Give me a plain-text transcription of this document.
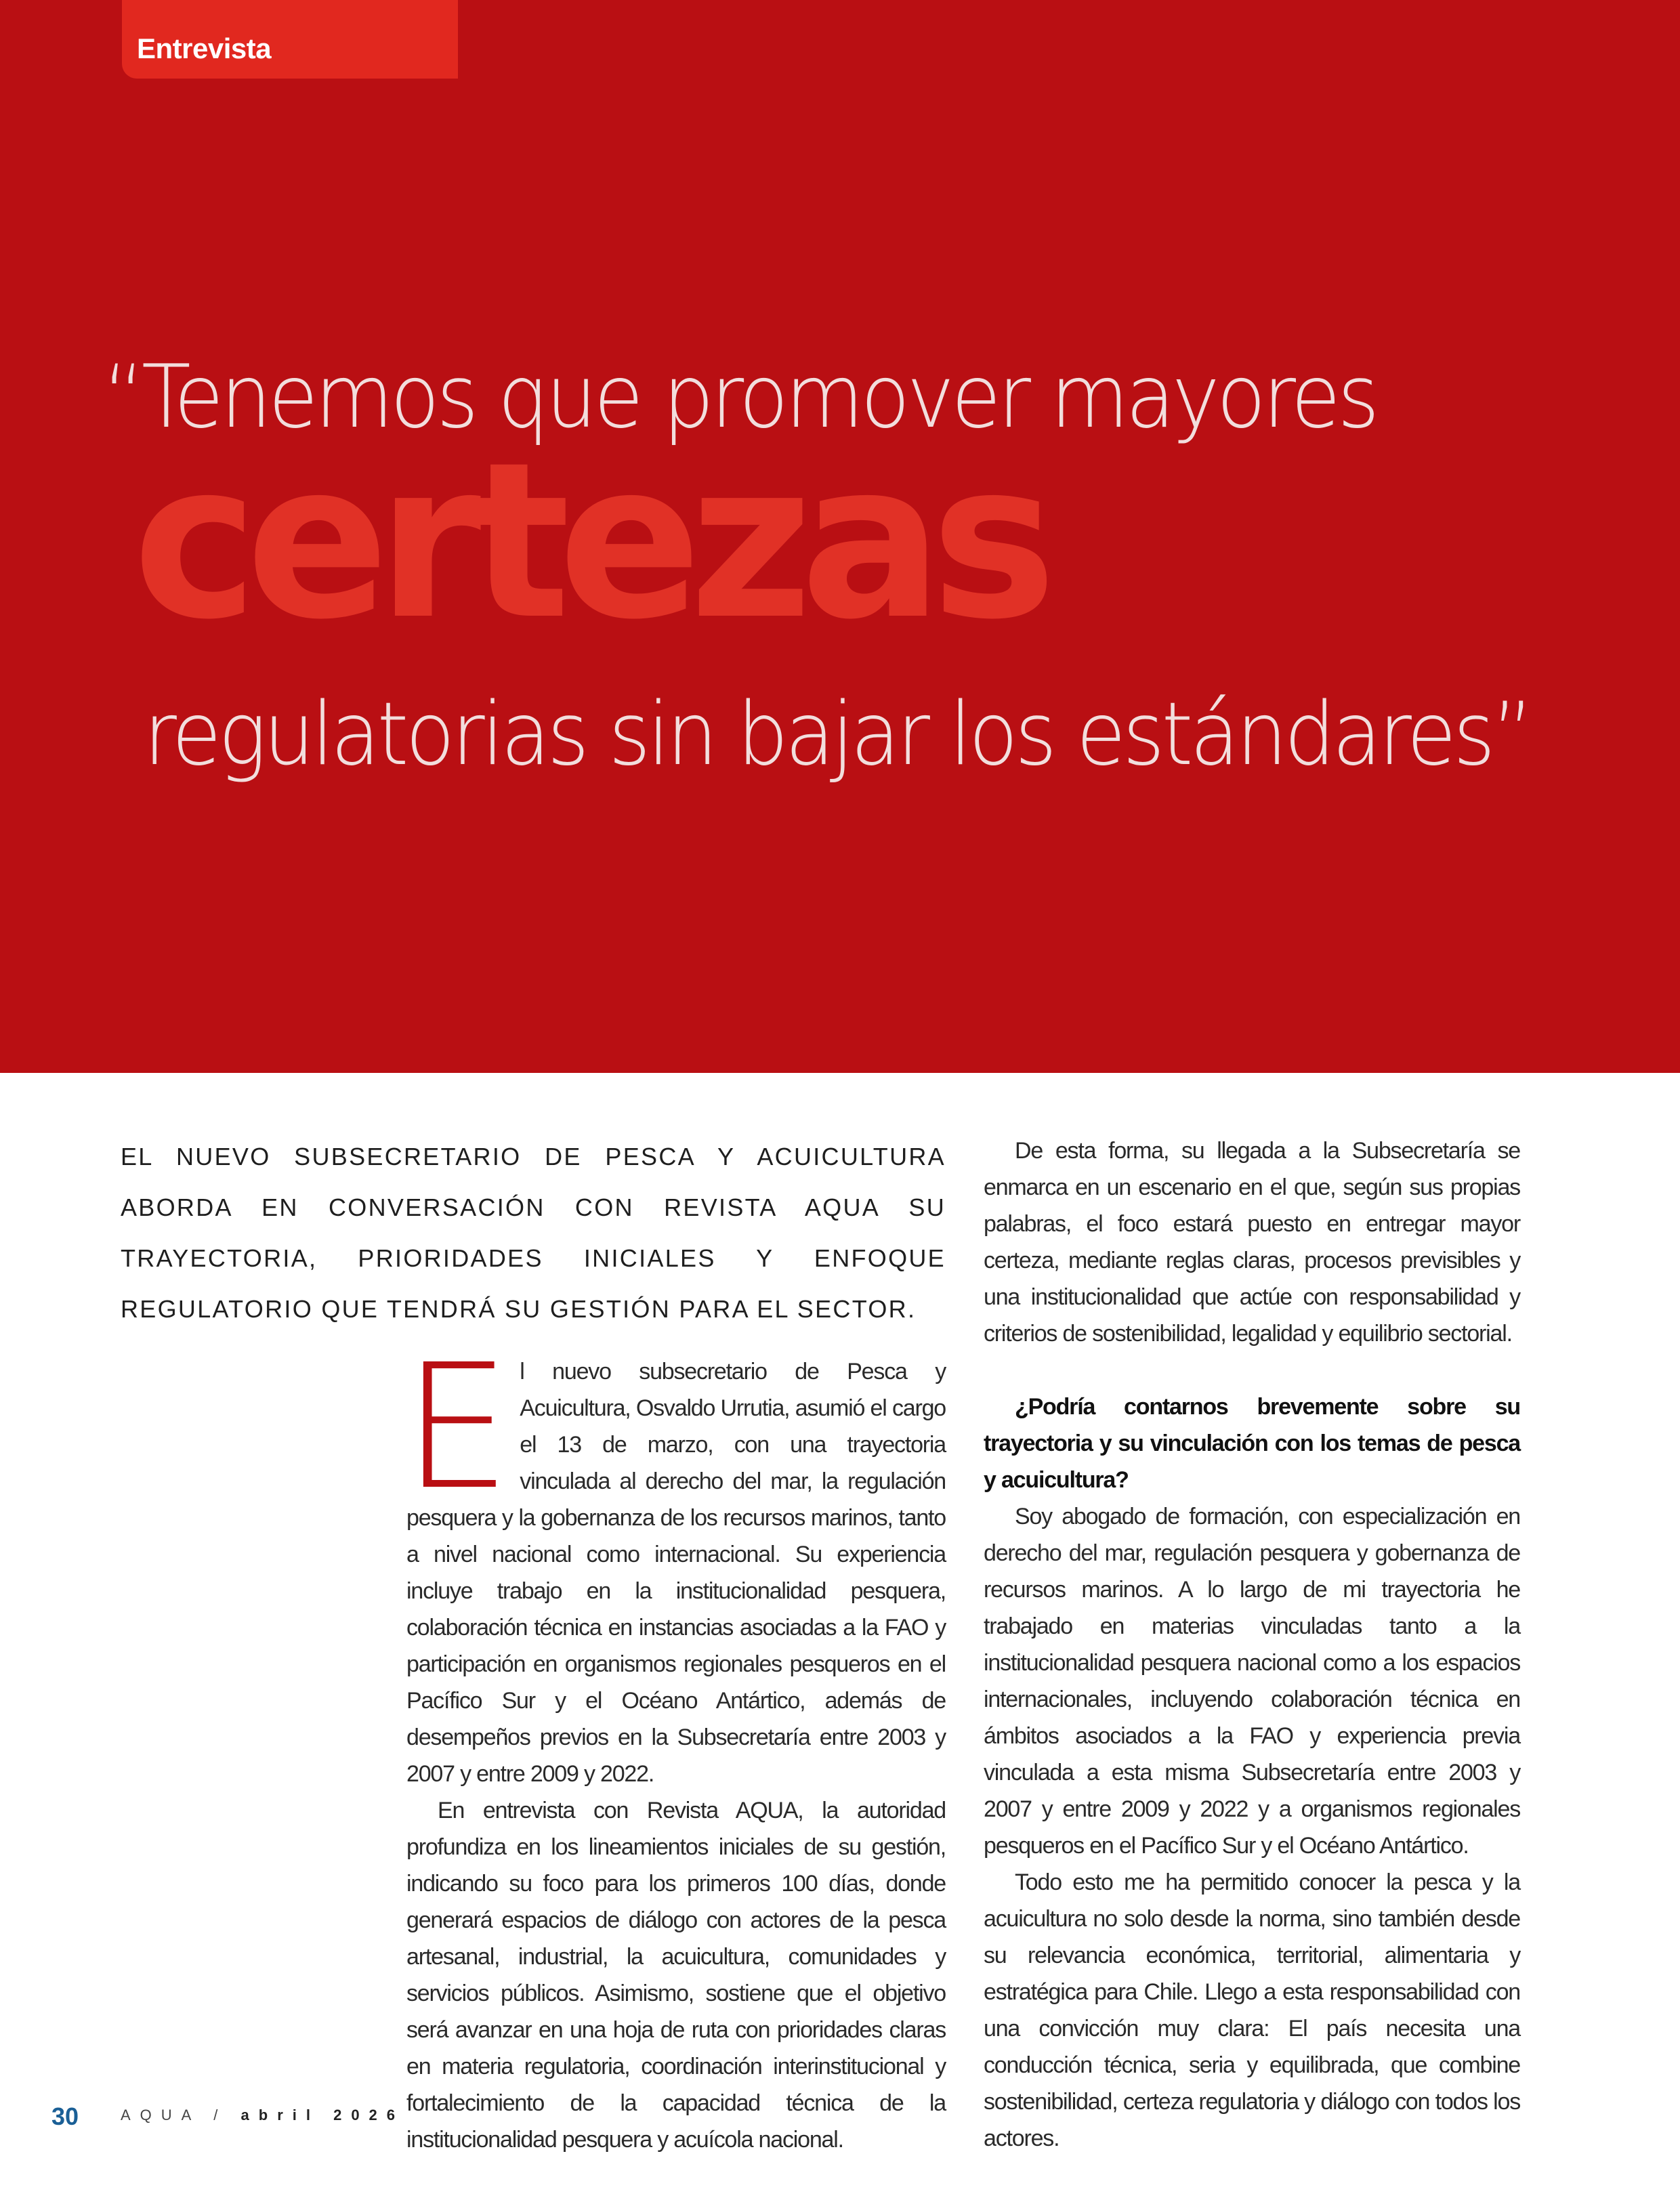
Entrevista
“Tenemos que promover mayores
certezas
regulatorias sin bajar los estándares”

EL NUEVO SUBSECRETARIO DE PESCA Y ACUICULTURA ABORDA EN CONVERSACIÓN CON REVISTA AQUA SU TRAYECTORIA, PRIORIDADES INICIALES Y ENFOQUE REGULATORIO QUE TENDRÁ SU GESTIÓN PARA EL SECTOR.

El nuevo subsecretario de Pesca y Acuicultura, Osvaldo Urrutia, asumió el cargo el 13 de marzo, con una trayectoria vinculada al derecho del mar, la regulación pesquera y la gobernanza de los recursos marinos, tanto a nivel nacional como internacional. Su experiencia incluye trabajo en la institucionalidad pesquera, colaboración técnica en instancias asociadas a la FAO y participación en organismos regionales pesqueros en el Pacífico Sur y el Océano Antártico, además de desempeños previos en la Subsecretaría entre 2003 y 2007 y entre 2009 y 2022.

En entrevista con Revista AQUA, la autoridad profundiza en los lineamientos iniciales de su gestión, indicando su foco para los primeros 100 días, donde generará espacios de diálogo con actores de la pesca artesanal, industrial, la acuicultura, comunidades y servicios públicos. Asimismo, sostiene que el objetivo será avanzar en una hoja de ruta con prioridades claras en materia regulatoria, coordinación interinstitucional y fortalecimiento de la capacidad técnica de la institucionalidad pesquera y acuícola nacional.

De esta forma, su llegada a la Subsecretaría se enmarca en un escenario en el que, según sus propias palabras, el foco estará puesto en entregar mayor certeza, mediante reglas claras, procesos previsibles y una institucionalidad que actúe con responsabilidad y criterios de sostenibilidad, legalidad y equilibrio sectorial.

¿Podría contarnos brevemente sobre su trayectoria y su vinculación con los temas de pesca y acuicultura?

Soy abogado de formación, con especialización en derecho del mar, regulación pesquera y gobernanza de recursos marinos. A lo largo de mi trayectoria he trabajado en materias vinculadas tanto a la institucionalidad pesquera nacional como a los espacios internacionales, incluyendo colaboración técnica en ámbitos asociados a la FAO y experiencia previa vinculada a esta misma Subsecretaría entre 2003 y 2007 y entre 2009 y 2022 y a organismos regionales pesqueros en el Pacífico Sur y el Océano Antártico.

Todo esto me ha permitido conocer la pesca y la acuicultura no solo desde la norma, sino también desde su relevancia económica, territorial, alimentaria y estratégica para Chile. Llego a esta responsabilidad con una convicción muy clara: El país necesita una conducción técnica, seria y equilibrada, que combine sostenibilidad, certeza regulatoria y diálogo con todos los actores.

30	AQUA / abril 2026
